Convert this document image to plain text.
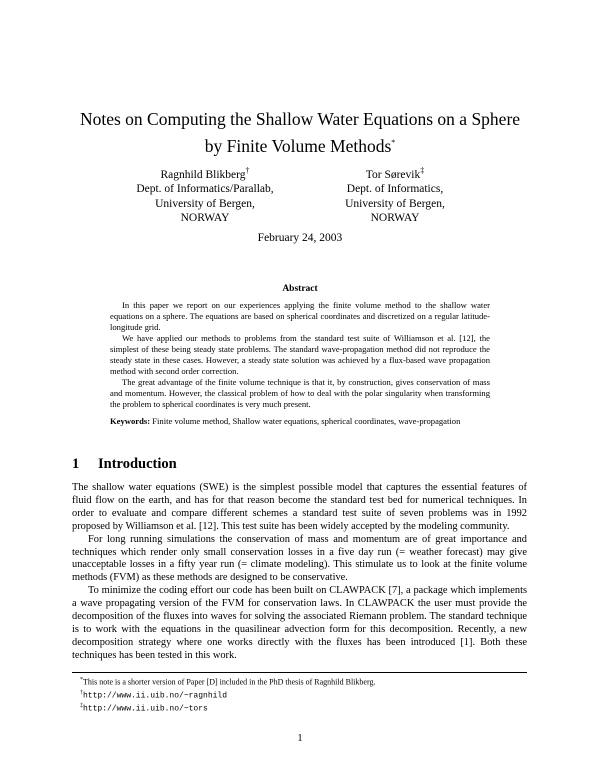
Notes on Computing the Shallow Water Equations on a Sphere
by Finite Volume Methods*
Ragnhild Blikberg†
Dept. of Informatics/Parallab,
University of Bergen,
NORWAY
Tor Sørevik‡
Dept. of Informatics,
University of Bergen,
NORWAY
February 24, 2003
Abstract

In this paper we report on our experiences applying the finite volume method to the shallow water equations on a sphere. The equations are based on spherical coordinates and discretized on a regular latitude-longitude grid.

We have applied our methods to problems from the standard test suite of Williamson et al. [12], the simplest of these being steady state problems. The standard wave-propagation method did not reproduce the steady state in these cases. However, a steady state solution was achieved by a flux-based wave propagation method with second order correction.

The great advantage of the finite volume technique is that it, by construction, gives conservation of mass and momentum. However, the classical problem of how to deal with the polar singularity when transforming the problem to spherical coordinates is very much present.

Keywords: Finite volume method, Shallow water equations, spherical coordinates, wave-propagation

1 Introduction

The shallow water equations (SWE) is the simplest possible model that captures the essential features of fluid flow on the earth, and has for that reason become the standard test bed for numerical techniques. In order to evaluate and compare different schemes a standard test suite of seven problems was in 1992 proposed by Williamson et al. [12]. This test suite has been widely accepted by the modeling community.

For long running simulations the conservation of mass and momentum are of great importance and techniques which render only small conservation losses in a five day run (= weather forecast) may give unacceptable losses in a fifty year run (= climate modeling). This stimulate us to look at the finite volume methods (FVM) as these methods are designed to be conservative.

To minimize the coding effort our code has been built on CLAWPACK [7], a package which implements a wave propagating version of the FVM for conservation laws. In CLAWPACK the user must provide the decomposition of the fluxes into waves for solving the associated Riemann problem. The standard technique is to work with the equations in the quasilinear advection form for this decomposition. Recently, a new decomposition strategy where one works directly with the fluxes has been introduced [1]. Both these techniques has been tested in this work.

*This note is a shorter version of Paper [D] included in the PhD thesis of Ragnhild Blikberg.
†http://www.ii.uib.no/~ragnhild
‡http://www.ii.uib.no/~tors
1
